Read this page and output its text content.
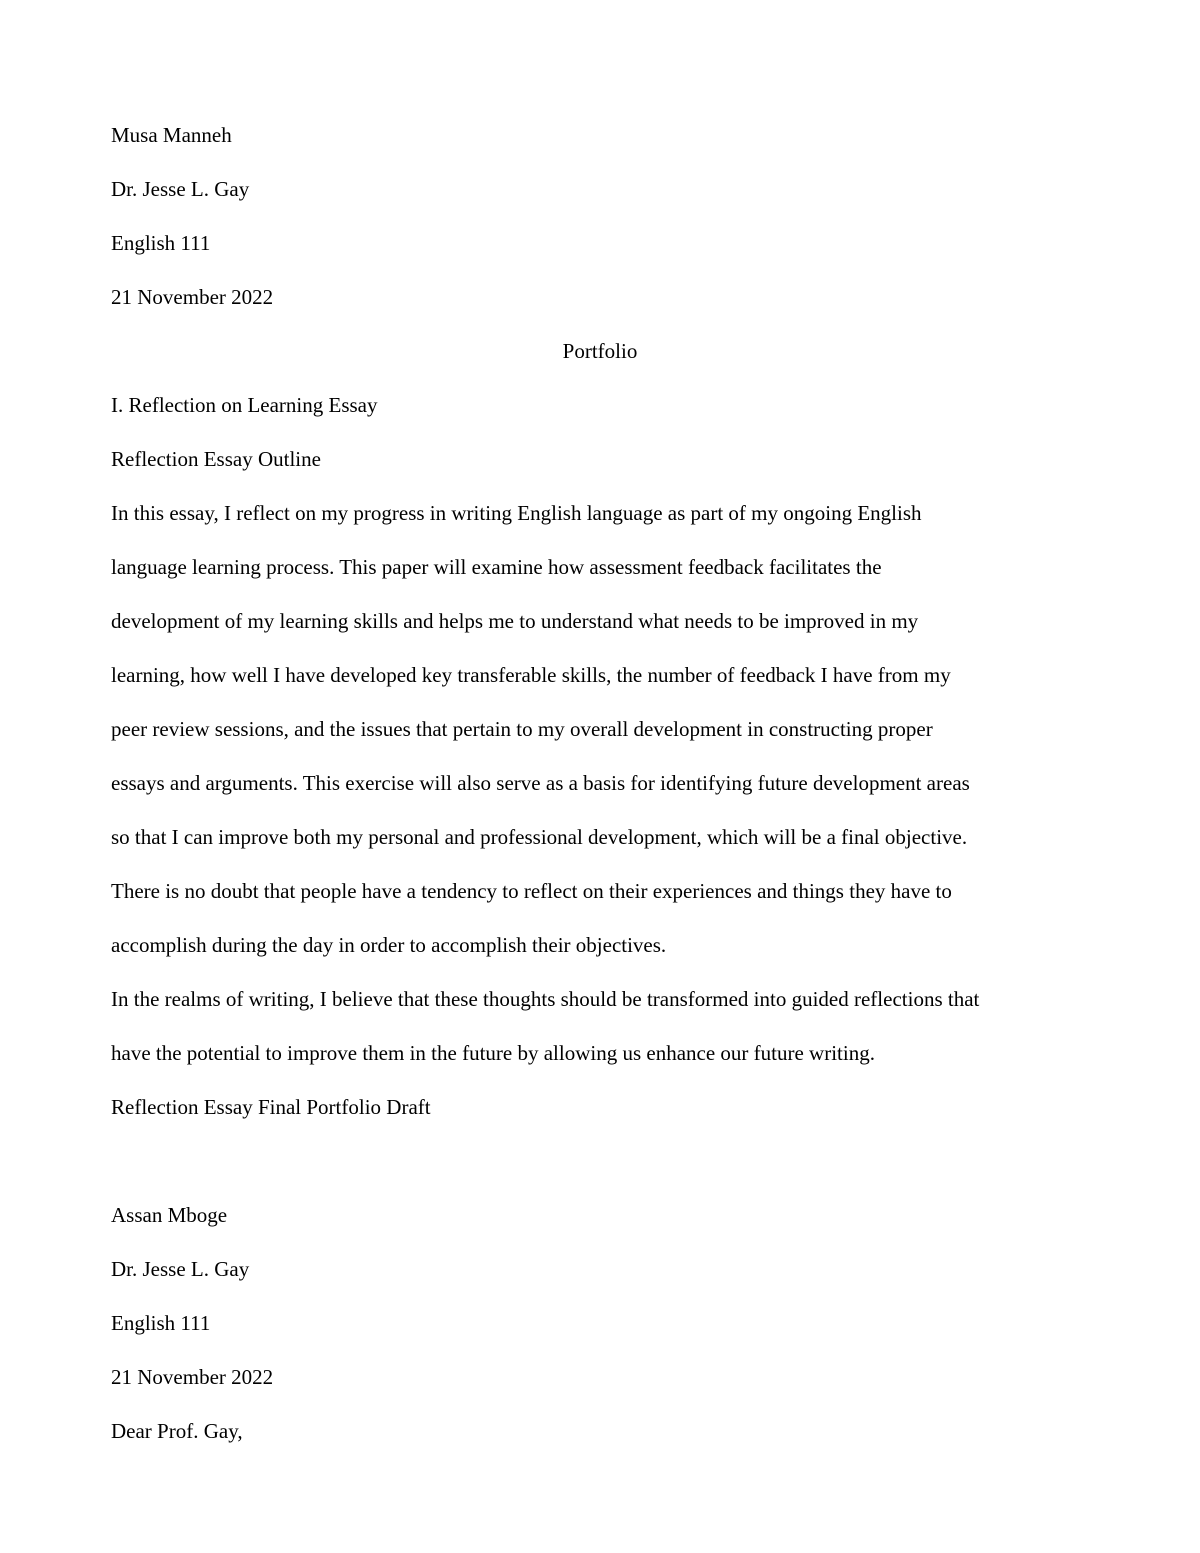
Musa Manneh

Dr. Jesse L. Gay

English 111

21 November 2022

Portfolio

I. Reflection on Learning Essay

Reflection Essay Outline

In this essay, I reflect on my progress in writing English language as part of my ongoing English

language learning process. This paper will examine how assessment feedback facilitates the

development of my learning skills and helps me to understand what needs to be improved in my

learning, how well I have developed key transferable skills, the number of feedback I have from my

peer review sessions, and the issues that pertain to my overall development in constructing proper

essays and arguments. This exercise will also serve as a basis for identifying future development areas

so that I can improve both my personal and professional development, which will be a final objective.

There is no doubt that people have a tendency to reflect on their experiences and things they have to

accomplish during the day in order to accomplish their objectives.

In the realms of writing, I believe that these thoughts should be transformed into guided reflections that

have the potential to improve them in the future by allowing us enhance our future writing.

Reflection Essay Final Portfolio Draft

Assan Mboge

Dr. Jesse L. Gay

English 111

21 November 2022

Dear Prof. Gay,
